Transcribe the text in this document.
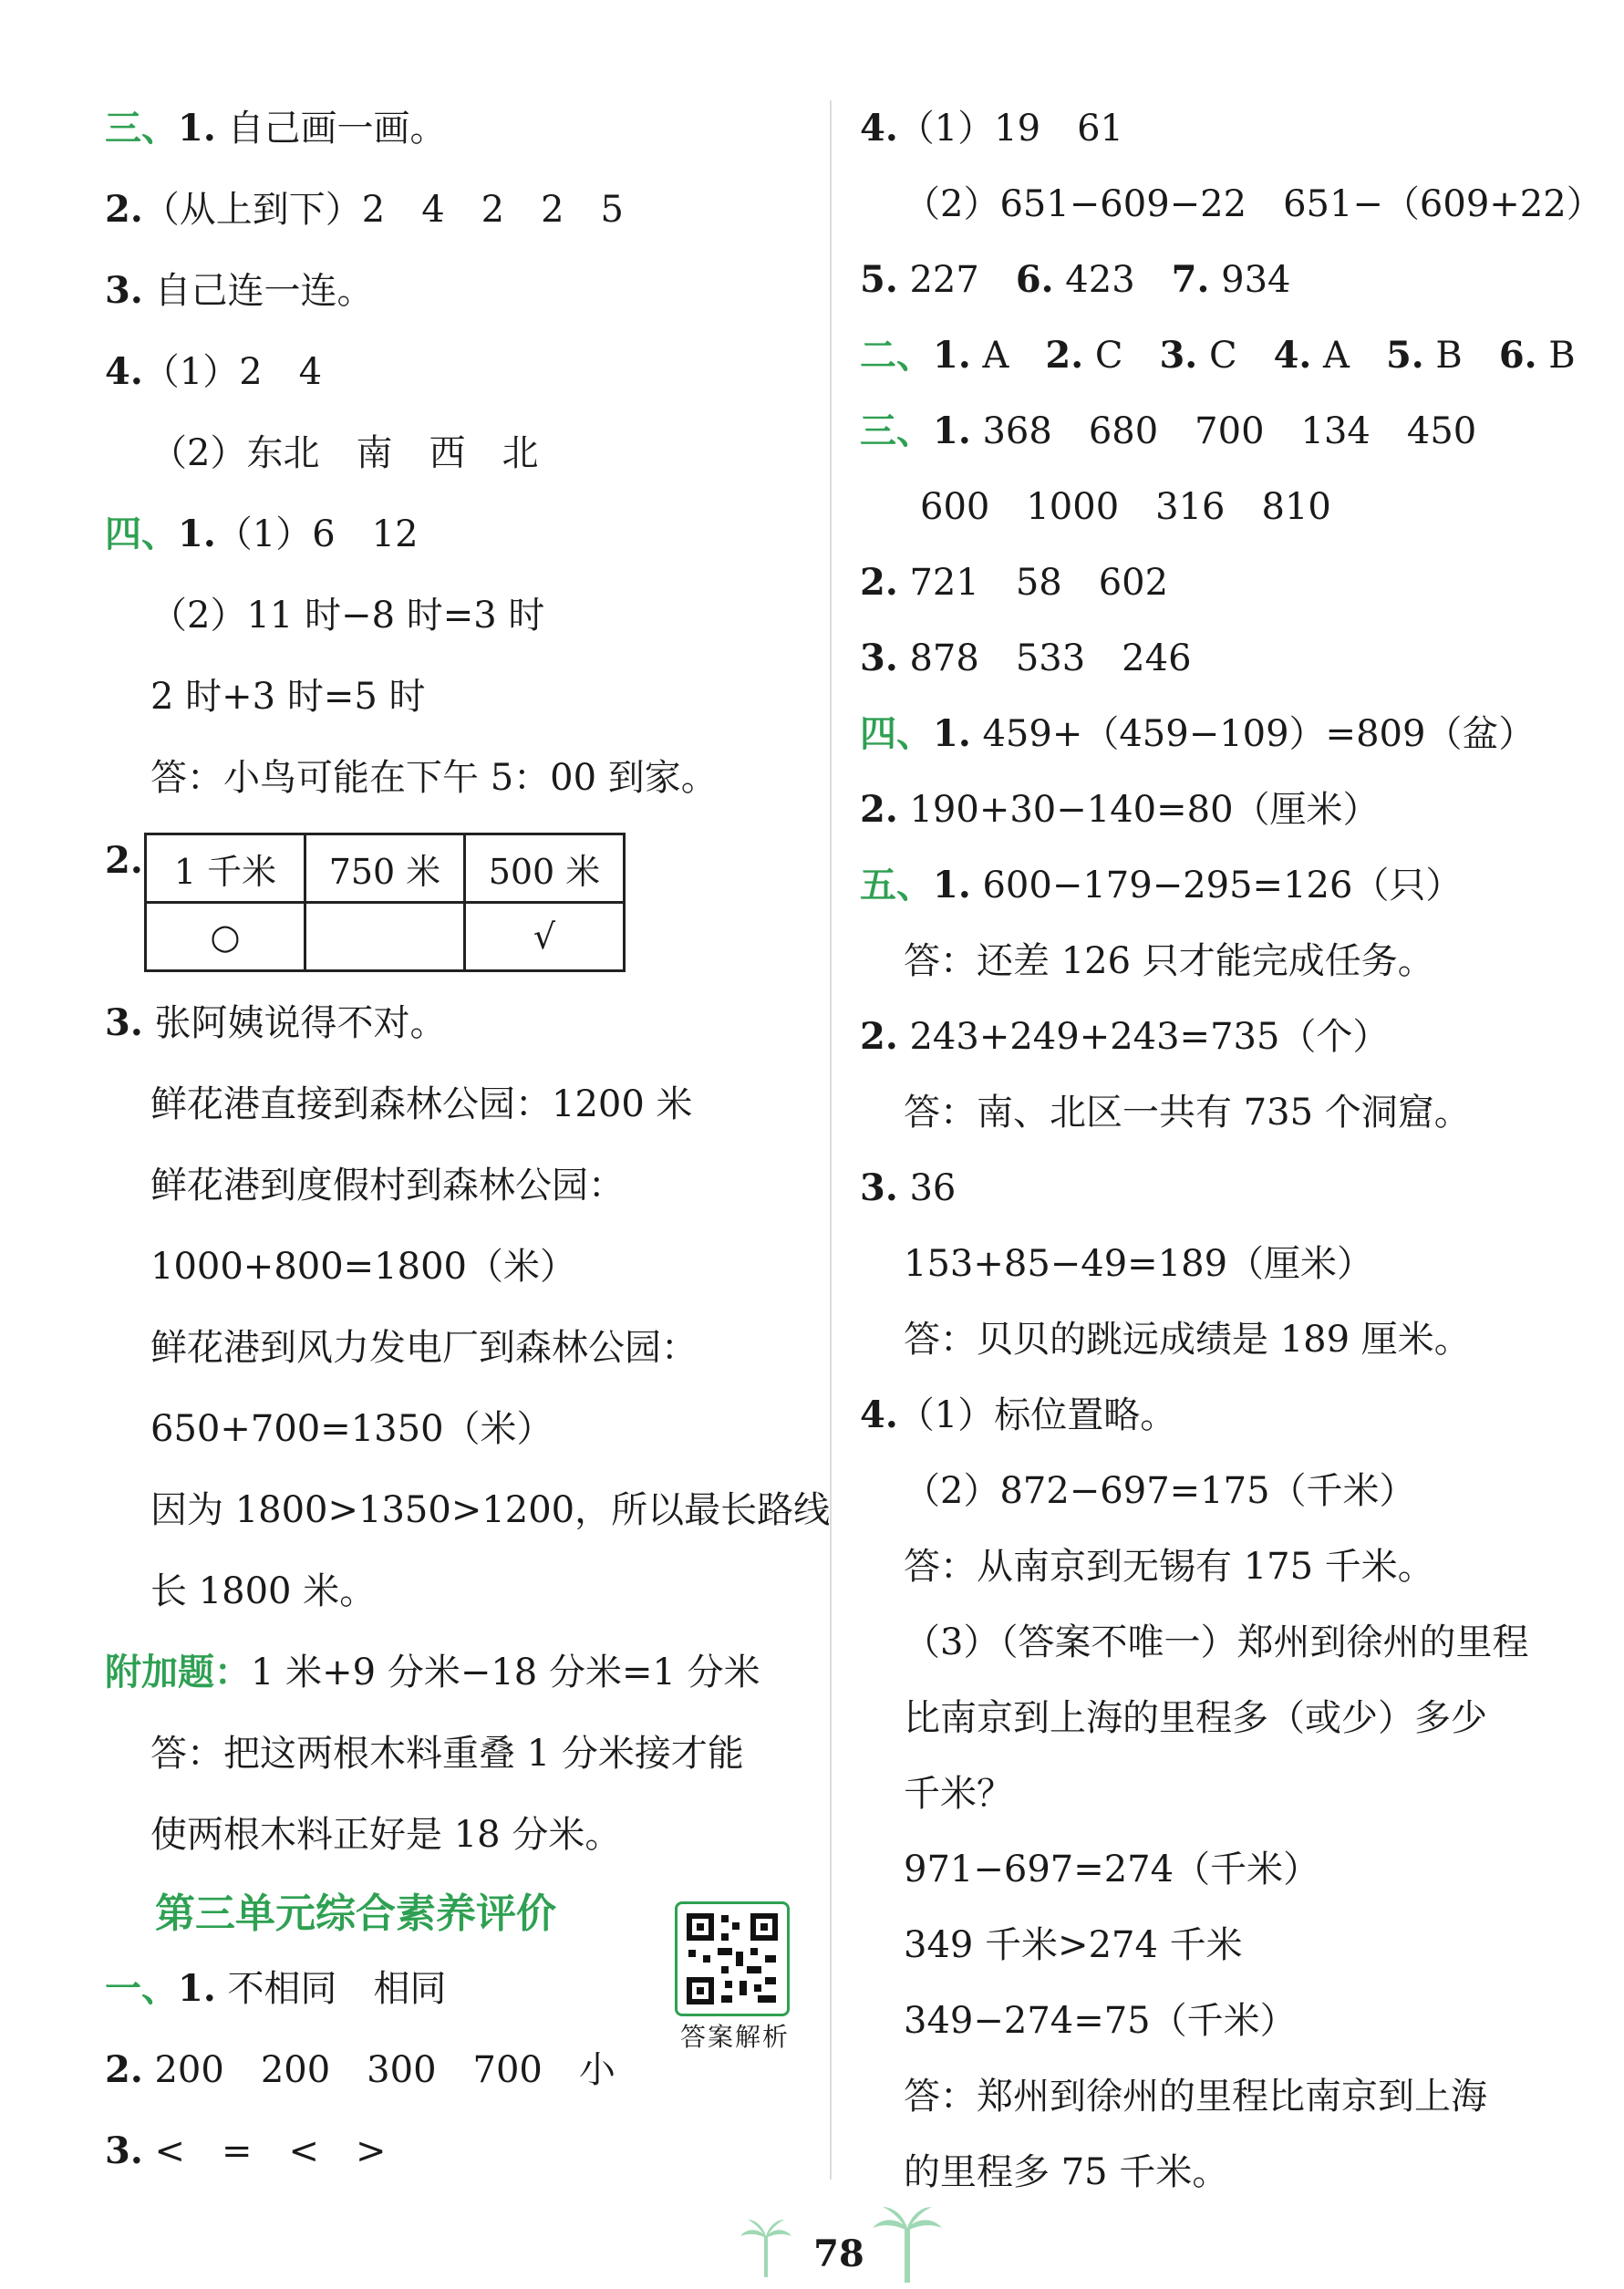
三、1. 自己画一画。
2.（从上到下）2　4　2　2　5
3. 自己连一连。
4.（1）2　4
（2）东北　南　西　北
四、1.（1）6　12
（2）11 时−8 时=3 时
2 时+3 时=5 时
答：小鸟可能在下午 5：00 到家。
2. 1 千米	750 米	500 米
○		√
3. 张阿姨说得不对。
鲜花港直接到森林公园：1200 米
鲜花港到度假村到森林公园：
1000+800=1800（米）
鲜花港到风力发电厂到森林公园：
650+700=1350（米）
因为 1800>1350>1200，所以最长路线
长 1800 米。
附加题：1 米+9 分米−18 分米=1 分米
答：把这两根木料重叠 1 分米接才能
使两根木料正好是 18 分米。
第三单元综合素养评价
答案解析
一、1. 不相同　相同
2. 200　200　300　700　小
3. <　=　<　>
4.（1）19　61
（2）651−609−22　651−（609+22）
5. 227　6. 423　7. 934
二、1. A　2. C　3. C　4. A　5. B　6. B
三、1. 368　680　700　134　450
600　1000　316　810
2. 721　58　602
3. 878　533　246
四、1. 459+（459−109）=809（盆）
2. 190+30−140=80（厘米）
五、1. 600−179−295=126（只）
答：还差 126 只才能完成任务。
2. 243+249+243=735（个）
答：南、北区一共有 735 个洞窟。
3. 36
153+85−49=189（厘米）
答：贝贝的跳远成绩是 189 厘米。
4.（1）标位置略。
（2）872−697=175（千米）
答：从南京到无锡有 175 千米。
（3）（答案不唯一）郑州到徐州的里程
比南京到上海的里程多（或少）多少
千米？
971−697=274（千米）
349 千米>274 千米
349−274=75（千米）
答：郑州到徐州的里程比南京到上海
的里程多 75 千米。
78
